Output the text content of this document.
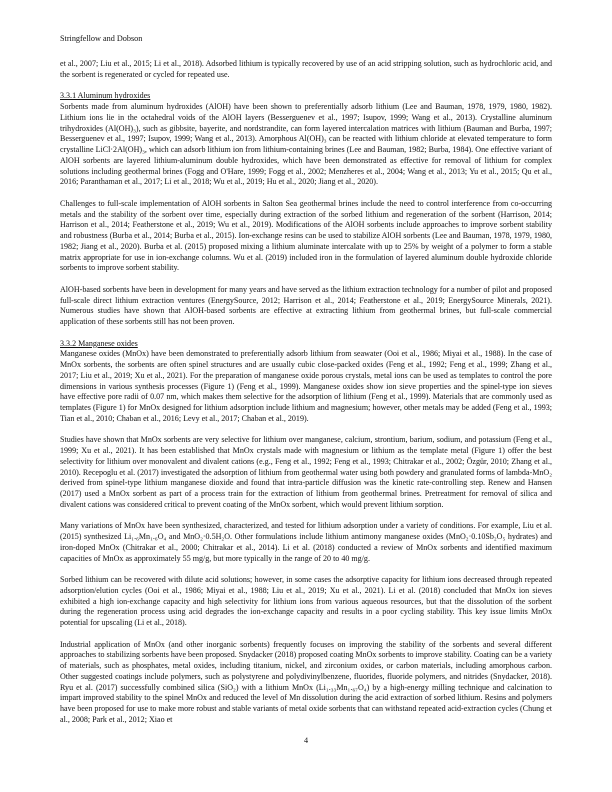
Stringfellow and Dobson

et al., 2007; Liu et al., 2015; Li et al., 2018). Adsorbed lithium is typically recovered by use of an acid stripping solution, such as hydrochloric acid, and the sorbent is regenerated or cycled for repeated use.

3.3.1 Aluminum hydroxides

Sorbents made from aluminum hydroxides (AlOH) have been shown to preferentially adsorb lithium (Lee and Bauman, 1978, 1979, 1980, 1982). Lithium ions lie in the octahedral voids of the AlOH layers (Besserguenev et al., 1997; Isupov, 1999; Wang et al., 2013). Crystalline aluminum trihydroxides (Al(OH)₃), such as gibbsite, bayerite, and nordstrandite, can form layered intercalation matrices with lithium (Bauman and Burba, 1997; Besserguenev et al., 1997; Isupov, 1999; Wang et al., 2013). Amorphous Al(OH)₃ can be reacted with lithium chloride at elevated temperature to form crystalline LiCl·2Al(OH)₃, which can adsorb lithium ion from lithium-containing brines (Lee and Bauman, 1982; Burba, 1984). One effective variant of AlOH sorbents are layered lithium-aluminum double hydroxides, which have been demonstrated as effective for removal of lithium for complex solutions including geothermal brines (Fogg and O'Hare, 1999; Fogg et al., 2002; Menzheres et al., 2004; Wang et al., 2013; Yu et al., 2015; Qu et al., 2016; Paranthaman et al., 2017; Li et al., 2018; Wu et al., 2019; Hu et al., 2020; Jiang et al., 2020).

Challenges to full-scale implementation of AlOH sorbents in Salton Sea geothermal brines include the need to control interference from co-occurring metals and the stability of the sorbent over time, especially during extraction of the sorbed lithium and regeneration of the sorbent (Harrison, 2014; Harrison et al., 2014; Featherstone et al., 2019; Wu et al., 2019). Modifications of the AlOH sorbents include approaches to improve sorbent stability and robustness (Burba et al., 2014; Burba et al., 2015). Ion-exchange resins can be used to stabilize AlOH sorbents (Lee and Bauman, 1978, 1979, 1980, 1982; Jiang et al., 2020). Burba et al. (2015) proposed mixing a lithium aluminate intercalate with up to 25% by weight of a polymer to form a stable matrix appropriate for use in ion-exchange columns. Wu et al. (2019) included iron in the formulation of layered aluminum double hydroxide chloride sorbents to improve sorbent stability.

AlOH-based sorbents have been in development for many years and have served as the lithium extraction technology for a number of pilot and proposed full-scale direct lithium extraction ventures (EnergySource, 2012; Harrison et al., 2014; Featherstone et al., 2019; EnergySource Minerals, 2021). Numerous studies have shown that AlOH-based sorbents are effective at extracting lithium from geothermal brines, but full-scale commercial application of these sorbents still has not been proven.

3.3.2 Manganese oxides

Manganese oxides (MnOx) have been demonstrated to preferentially adsorb lithium from seawater (Ooi et al., 1986; Miyai et al., 1988). In the case of MnOx sorbents, the sorbents are often spinel structures and are usually cubic close-packed oxides (Feng et al., 1992; Feng et al., 1999; Zhang et al., 2017; Liu et al., 2019; Xu et al., 2021). For the preparation of manganese oxide porous crystals, metal ions can be used as templates to control the pore dimensions in various synthesis processes (Figure 1) (Feng et al., 1999). Manganese oxides show ion sieve properties and the spinel-type ion sieves have effective pore radii of 0.07 nm, which makes them selective for the adsorption of lithium (Feng et al., 1999). Materials that are commonly used as templates (Figure 1) for MnOx designed for lithium adsorption include lithium and magnesium; however, other metals may be added (Feng et al., 1993; Tian et al., 2010; Chaban et al., 2016; Levy et al., 2017; Chaban et al., 2019).

Studies have shown that MnOx sorbents are very selective for lithium over manganese, calcium, strontium, barium, sodium, and potassium (Feng et al., 1999; Xu et al., 2021). It has been established that MnOx crystals made with magnesium or lithium as the template metal (Figure 1) offer the best selectivity for lithium over monovalent and divalent cations (e.g., Feng et al., 1992; Feng et al., 1993; Chitrakar et al., 2002; Özgür, 2010; Zhang et al., 2010). Recepoglu et al. (2017) investigated the adsorption of lithium from geothermal water using both powdery and granulated forms of lambda-MnO₂ derived from spinel-type lithium manganese dioxide and found that intra-particle diffusion was the kinetic rate-controlling step. Renew and Hansen (2017) used a MnOx sorbent as part of a process train for the extraction of lithium from geothermal brines. Pretreatment for removal of silica and divalent cations was considered critical to prevent coating of the MnOx sorbent, which would prevent lithium sorption.

Many variations of MnOx have been synthesized, characterized, and tested for lithium adsorption under a variety of conditions. For example, Liu et al. (2015) synthesized Li₁.₆Mn₁.₆O₄ and MnO₂·0.5H₂O. Other formulations include lithium antimony manganese oxides (MnO₂·0.10Sb₂O₅ hydrates) and iron-doped MnOx (Chitrakar et al., 2000; Chitrakar et al., 2014). Li et al. (2018) conducted a review of MnOx sorbents and identified maximum capacities of MnOx as approximately 55 mg/g, but more typically in the range of 20 to 40 mg/g.

Sorbed lithium can be recovered with dilute acid solutions; however, in some cases the adsorptive capacity for lithium ions decreased through repeated adsorption/elution cycles (Ooi et al., 1986; Miyai et al., 1988; Liu et al., 2019; Xu et al., 2021). Li et al. (2018) concluded that MnOx ion sieves exhibited a high ion-exchange capacity and high selectivity for lithium ions from various aqueous resources, but that the dissolution of the sorbent during the regeneration process using acid degrades the ion-exchange capacity and results in a poor cycling stability. This key issue limits MnOx potential for upscaling (Li et al., 2018).

Industrial application of MnOx (and other inorganic sorbents) frequently focuses on improving the stability of the sorbents and several different approaches to stabilizing sorbents have been proposed. Snydacker (2018) proposed coating MnOx sorbents to improve stability. Coating can be a variety of materials, such as phosphates, metal oxides, including titanium, nickel, and zirconium oxides, or carbon materials, including amorphous carbon. Other suggested coatings include polymers, such as polystyrene and polydivinylbenzene, fluorides, fluoride polymers, and nitrides (Snydacker, 2018). Ryu et al. (2017) successfully combined silica (SiO₂) with a lithium MnOx (Li₁.₃₃Mn₁.₆₇O₄) by a high-energy milling technique and calcination to impart improved stability to the spinel MnOx and reduced the level of Mn dissolution during the acid extraction of sorbed lithium. Resins and polymers have been proposed for use to make more robust and stable variants of metal oxide sorbents that can withstand repeated acid-extraction cycles (Chung et al., 2008; Park et al., 2012; Xiao et

4
